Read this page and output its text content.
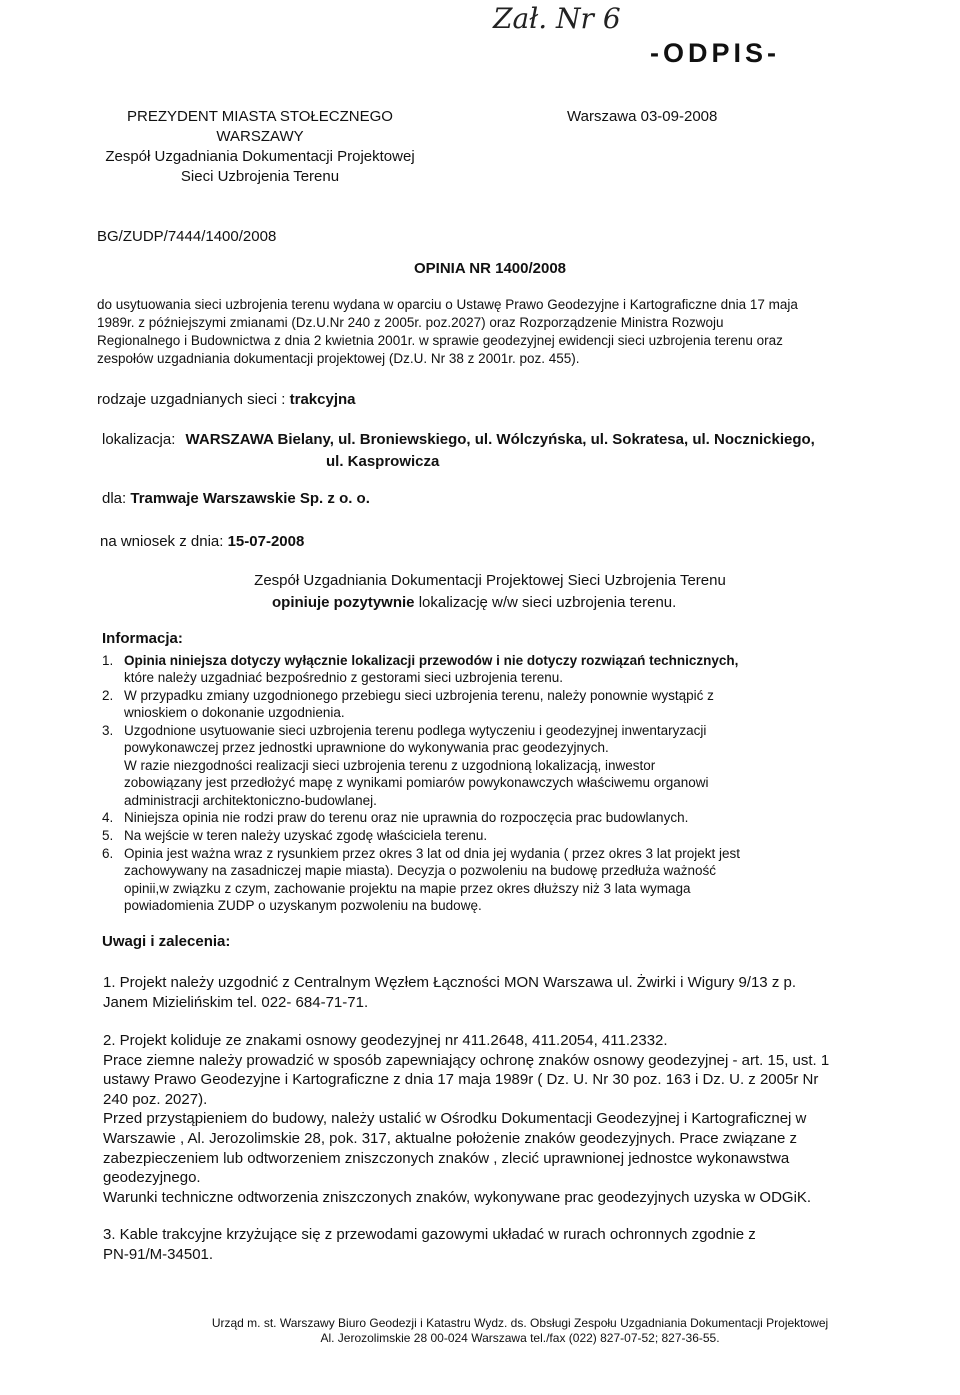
Zał. Nr 6
-ODPIS-
PREZYDENT MIASTA STOŁECZNEGO
WARSZAWY
Zespół Uzgadniania Dokumentacji Projektowej
Sieci Uzbrojenia Terenu
Warszawa 03-09-2008
BG/ZUDP/7444/1400/2008
OPINIA NR 1400/2008
do usytuowania sieci uzbrojenia terenu wydana w oparciu o Ustawę Prawo Geodezyjne i Kartograficzne dnia 17 maja
1989r. z późniejszymi zmianami (Dz.U.Nr 240 z 2005r. poz.2027) oraz Rozporządzenie Ministra Rozwoju
Regionalnego i Budownictwa z dnia 2 kwietnia 2001r. w sprawie geodezyjnej ewidencji sieci uzbrojenia terenu oraz
zespołów uzgadniania dokumentacji projektowej (Dz.U. Nr 38 z 2001r. poz. 455).
rodzaje uzgadnianych sieci : trakcyjna
lokalizacja: WARSZAWA Bielany, ul. Broniewskiego, ul. Wólczyńska, ul. Sokratesa, ul. Nocznickiego,
ul. Kasprowicza
dla: Tramwaje Warszawskie Sp. z o. o.
na wniosek z dnia: 15-07-2008
Zespół Uzgadniania Dokumentacji Projektowej Sieci Uzbrojenia Terenu
opiniuje pozytywnie lokalizację w/w sieci uzbrojenia terenu.
Informacja:
1. Opinia niniejsza dotyczy wyłącznie lokalizacji przewodów i nie dotyczy rozwiązań technicznych,
które należy uzgadniać bezpośrednio z gestorami sieci uzbrojenia terenu.
2. W przypadku zmiany uzgodnionego przebiegu sieci uzbrojenia terenu, należy ponownie wystąpić z
wnioskiem o dokonanie uzgodnienia.
3. Uzgodnione usytuowanie sieci uzbrojenia terenu podlega wytyczeniu i geodezyjnej inwentaryzacji
powykonawczej przez jednostki uprawnione do wykonywania prac geodezyjnych.
W razie niezgodności realizacji sieci uzbrojenia terenu z uzgodnioną lokalizacją, inwestor
zobowiązany jest przedłożyć mapę z wynikami pomiarów powykonawczych właściwemu organowi
administracji architektoniczno-budowlanej.
4. Niniejsza opinia nie rodzi praw do terenu oraz nie uprawnia do rozpoczęcia prac budowlanych.
5. Na wejście w teren należy uzyskać zgodę właściciela terenu.
6. Opinia jest ważna wraz z rysunkiem przez okres 3 lat od dnia jej wydania ( przez okres 3 lat projekt jest
zachowywany na zasadniczej mapie miasta). Decyzja o pozwoleniu na budowę przedłuża ważność
opinii,w związku z czym, zachowanie projektu na mapie przez okres dłuższy niż 3 lata wymaga
powiadomienia ZUDP o uzyskanym pozwoleniu na budowę.
Uwagi i zalecenia:
1. Projekt należy uzgodnić z Centralnym Węzłem Łączności MON Warszawa ul. Żwirki i Wigury 9/13 z p.
Janem Mizielińskim tel. 022- 684-71-71.
2. Projekt koliduje ze znakami osnowy geodezyjnej nr 411.2648, 411.2054, 411.2332.
Prace ziemne należy prowadzić w sposób zapewniający ochronę znaków osnowy geodezyjnej - art. 15, ust. 1
ustawy Prawo Geodezyjne i Kartograficzne z dnia 17 maja 1989r ( Dz. U. Nr 30 poz. 163 i Dz. U. z 2005r Nr
240 poz. 2027).
Przed przystąpieniem do budowy, należy ustalić w Ośrodku Dokumentacji Geodezyjnej i Kartograficznej w
Warszawie , Al. Jerozolimskie 28, pok. 317, aktualne położenie znaków geodezyjnych. Prace związane z
zabezpieczeniem lub odtworzeniem zniszczonych znaków , zlecić uprawnionej jednostce wykonawstwa
geodezyjnego.
Warunki techniczne odtworzenia zniszczonych znaków, wykonywane prac geodezyjnych uzyska w ODGiK.
3. Kable trakcyjne krzyżujące się z przewodami gazowymi układać w rurach ochronnych zgodnie z
PN-91/M-34501.
Urząd m. st. Warszawy Biuro Geodezji i Katastru Wydz. ds. Obsługi Zespołu Uzgadniania Dokumentacji Projektowej
Al. Jerozolimskie 28 00-024 Warszawa tel./fax (022) 827-07-52; 827-36-55.
